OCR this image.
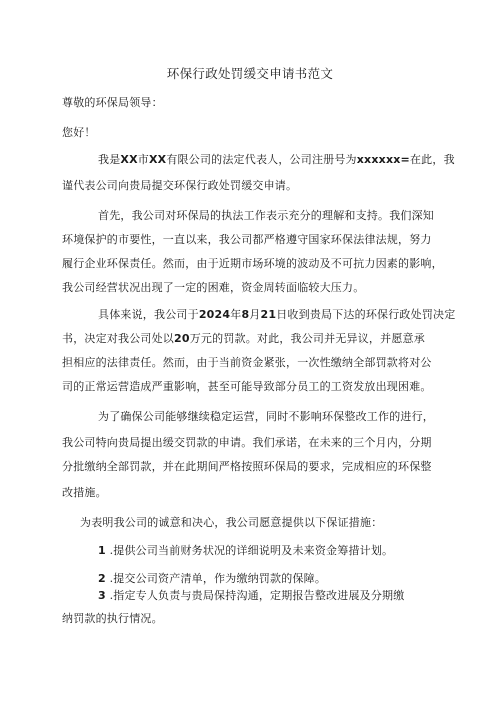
环保行政处罚缓交申请书范文
尊敬的环保局领导：
您好！
我是XX市XX有限公司的法定代表人，公司注册号为xxxxxx=在此，我
谨代表公司向贵局提交环保行政处罚缓交申请。
首先，我公司对环保局的执法工作表示充分的理解和支持。我们深知
环境保护的市要性，一直以来，我公司都严格遵守国家环保法律法规，努力
履行企业环保责任。然而，由于近期市场环境的波动及不可抗力因素的影响，
我公司经营状况出现了一定的困难，资金周转面临较大压力。
具体来说，我公司于2024年8月21日收到贵局下达的环保行政处罚决定
书，决定对我公司处以20万元的罚款。对此，我公司并无异议，并愿意承
担相应的法律责任。然而，由于当前资金紧张，一次性缴纳全部罚款将对公
司的正常运营造成严重影响，甚至可能导致部分员工的工资发放出现困难。
为了确保公司能够继续稳定运营，同时不影响环保整改工作的进行，
我公司特向贵局提出缓交罚款的申请。我们承诺，在未来的三个月内，分期
分批缴纳全部罚款，并在此期间严格按照环保局的要求，完成相应的环保整
改措施。
为表明我公司的诚意和决心，我公司愿意提供以下保证措施：
1 .提供公司当前财务状况的详细说明及未来资金筹措计划。
2 .提交公司资产清单，作为缴纳罚款的保障。
3 .指定专人负责与贵局保持沟通，定期报告整改进展及分期缴
纳罚款的执行情况。
